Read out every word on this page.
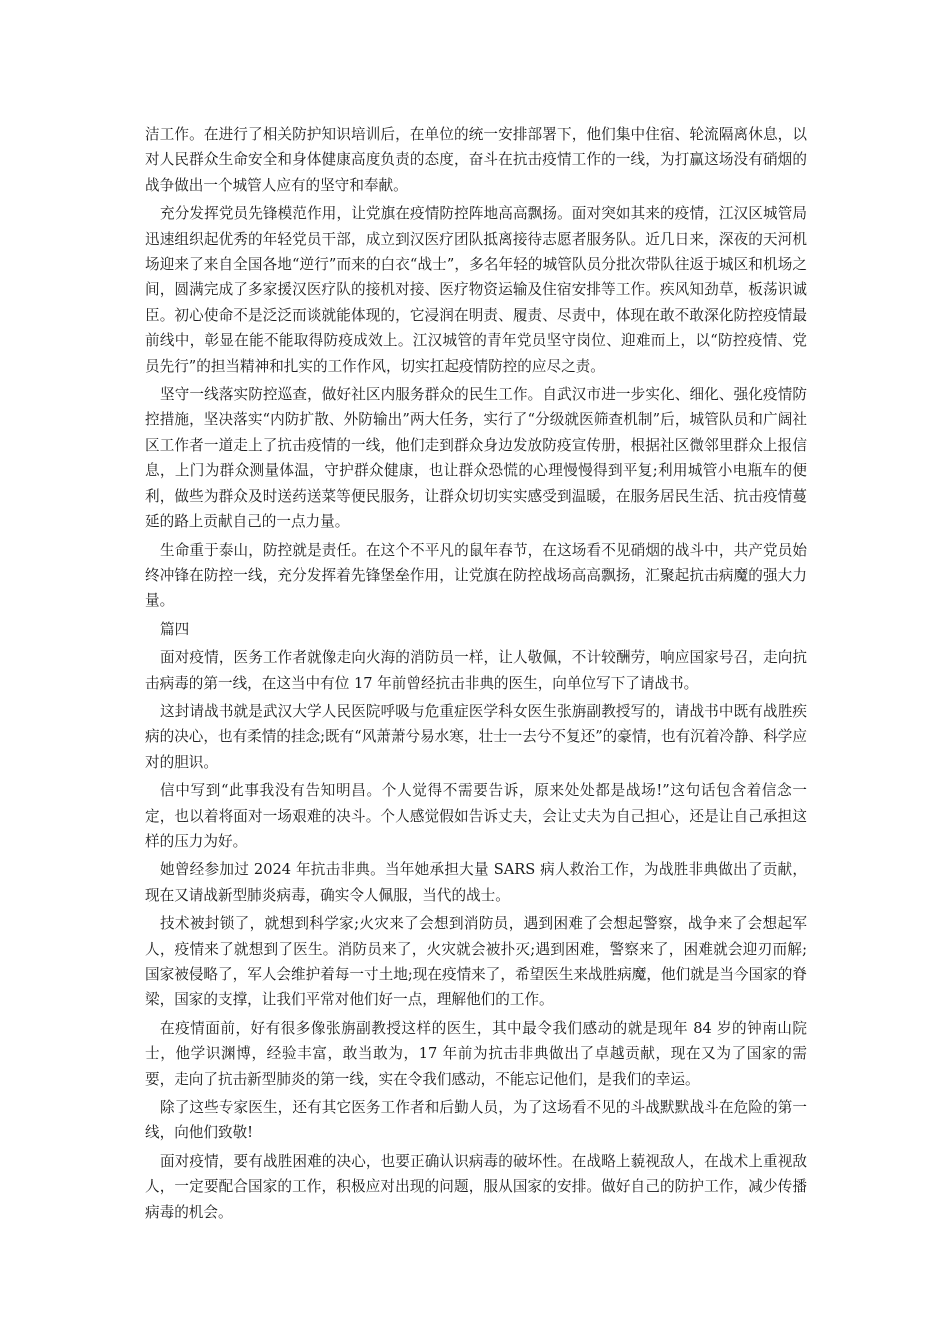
洁工作。在进行了相关防护知识培训后，在单位的统一安排部署下，他们集中住宿、轮流隔离休息，以对人民群众生命安全和身体健康高度负责的态度，奋斗在抗击疫情工作的一线，为打赢这场没有硝烟的战争做出一个城管人应有的坚守和奉献。

充分发挥党员先锋模范作用，让党旗在疫情防控阵地高高飘扬。面对突如其来的疫情，江汉区城管局迅速组织起优秀的年轻党员干部，成立到汉医疗团队抵离接待志愿者服务队。近几日来，深夜的天河机场迎来了来自全国各地“逆行”而来的白衣“战士”，多名年轻的城管队员分批次带队往返于城区和机场之间，圆满完成了多家援汉医疗队的接机对接、医疗物资运输及住宿安排等工作。疾风知劲草，板荡识诚臣。初心使命不是泛泛而谈就能体现的，它浸润在明责、履责、尽责中，体现在敢不敢深化防控疫情最前线中，彰显在能不能取得防疫成效上。江汉城管的青年党员坚守岗位、迎难而上，以“防控疫情、党员先行”的担当精神和扎实的工作作风，切实扛起疫情防控的应尽之责。

坚守一线落实防控巡查，做好社区内服务群众的民生工作。自武汉市进一步实化、细化、强化疫情防控措施，坚决落实“内防扩散、外防输出”两大任务，实行了“分级就医筛查机制”后，城管队员和广阔社区工作者一道走上了抗击疫情的一线，他们走到群众身边发放防疫宣传册，根据社区微邻里群众上报信息，上门为群众测量体温，守护群众健康，也让群众恐慌的心理慢慢得到平复;利用城管小电瓶车的便利，做些为群众及时送药送菜等便民服务，让群众切切实实感受到温暖，在服务居民生活、抗击疫情蔓延的路上贡献自己的一点力量。

生命重于泰山，防控就是责任。在这个不平凡的鼠年春节，在这场看不见硝烟的战斗中，共产党员始终冲锋在防控一线，充分发挥着先锋堡垒作用，让党旗在防控战场高高飘扬，汇聚起抗击病魔的强大力量。

篇四

面对疫情，医务工作者就像走向火海的消防员一样，让人敬佩，不计较酬劳，响应国家号召，走向抗击病毒的第一线，在这当中有位 17 年前曾经抗击非典的医生，向单位写下了请战书。

这封请战书就是武汉大学人民医院呼吸与危重症医学科女医生张旃副教授写的，请战书中既有战胜疾病的决心，也有柔情的挂念;既有“风萧萧兮易水寒，壮士一去兮不复还”的豪情，也有沉着冷静、科学应对的胆识。

信中写到“此事我没有告知明昌。个人觉得不需要告诉，原来处处都是战场!”这句话包含着信念一定，也以着将面对一场艰难的决斗。个人感觉假如告诉丈夫，会让丈夫为自己担心，还是让自己承担这样的压力为好。

她曾经参加过 2024 年抗击非典。当年她承担大量 SARS 病人救治工作，为战胜非典做出了贡献，现在又请战新型肺炎病毒，确实令人佩服，当代的战士。

技术被封锁了，就想到科学家;火灾来了会想到消防员，遇到困难了会想起警察，战争来了会想起军人，疫情来了就想到了医生。消防员来了，火灾就会被扑灭;遇到困难，警察来了，困难就会迎刃而解;国家被侵略了，军人会维护着每一寸土地;现在疫情来了，希望医生来战胜病魔，他们就是当今国家的脊梁，国家的支撑，让我们平常对他们好一点，理解他们的工作。

在疫情面前，好有很多像张旃副教授这样的医生，其中最令我们感动的就是现年 84 岁的钟南山院士，他学识渊博，经验丰富，敢当敢为，17 年前为抗击非典做出了卓越贡献，现在又为了国家的需要，走向了抗击新型肺炎的第一线，实在令我们感动，不能忘记他们，是我们的幸运。

除了这些专家医生，还有其它医务工作者和后勤人员，为了这场看不见的斗战默默战斗在危险的第一线，向他们致敬!

面对疫情，要有战胜困难的决心，也要正确认识病毒的破坏性。在战略上藐视敌人，在战术上重视敌人，一定要配合国家的工作，积极应对出现的问题，服从国家的安排。做好自己的防护工作，减少传播病毒的机会。
